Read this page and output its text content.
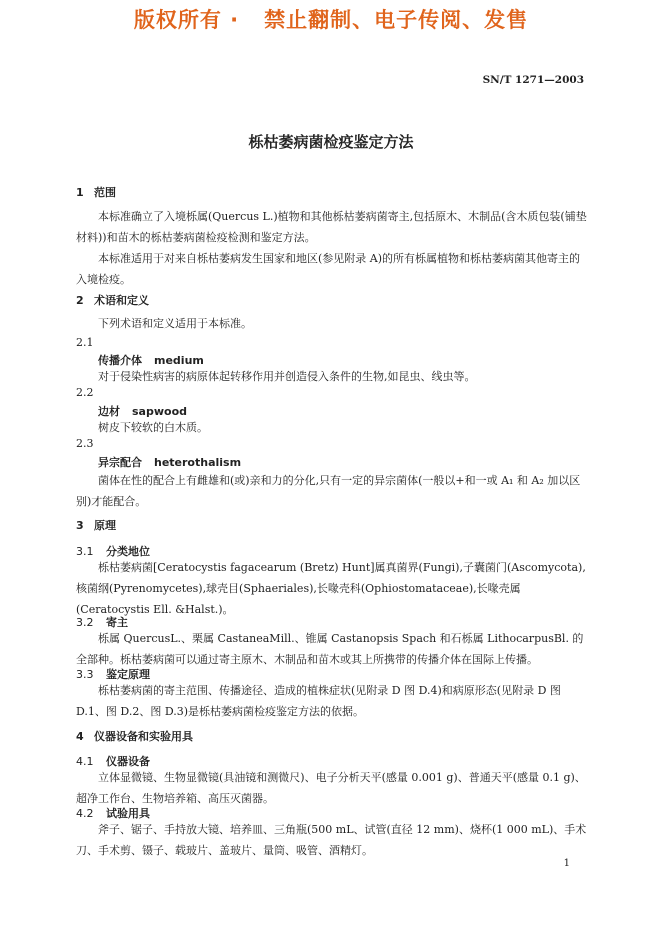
版权所有 ·   禁止翻制、电子传阅、发售
SN/T 1271—2003
栎枯萎病菌检疫鉴定方法
1 范围
本标准确立了入境栎属(Quercus L.)植物和其他栎枯萎病菌寄主,包括原木、木制品(含木质包装(铺垫材料))和苗木的栎枯萎病菌检疫检测和鉴定方法。
本标准适用于对来自栎枯萎病发生国家和地区(参见附录 A)的所有栎属植物和栎枯萎病菌其他寄主的入境检疫。
2 术语和定义
下列术语和定义适用于本标准。
2.1
传播介体 medium
对于侵染性病害的病原体起转移作用并创造侵入条件的生物,如昆虫、线虫等。
2.2
边材 sapwood
树皮下较软的白木质。
2.3
异宗配合 heterothalism
菌体在性的配合上有雌雄和(或)亲和力的分化,只有一定的异宗菌体(一般以+和一或 A₁ 和 A₂ 加以区别)才能配合。
3 原理
3.1 分类地位
栎枯萎病菌[Ceratocystis fagacearum (Bretz) Hunt]属真菌界(Fungi),子囊菌门(Ascomycota),核菌纲(Pyrenomycetes),球壳目(Sphaeriales),长喙壳科(Ophiostomataceae),长喙壳属(Ceratocystis Ell. &Halst.)。
3.2 寄主
栎属 QuercusL.、栗属 CastaneaMill.、锥属 Castanopsis Spach 和石栎属 LithocarpusBl. 的全部种。栎枯萎病菌可以通过寄主原木、木制品和苗木或其上所携带的传播介体在国际上传播。
3.3 鉴定原理
栎枯萎病菌的寄主范围、传播途径、造成的植株症状(见附录 D 图 D.4)和病原形态(见附录 D 图 D.1、图 D.2、图 D.3)是栎枯萎病菌检疫鉴定方法的依据。
4 仪器设备和实验用具
4.1 仪器设备
立体显微镜、生物显微镜(具油镜和测微尺)、电子分析天平(感量 0.001 g)、普通天平(感量 0.1 g)、超净工作台、生物培养箱、高压灭菌器。
4.2 试验用具
斧子、锯子、手持放大镜、培养皿、三角瓶(500 mL、试管(直径 12 mm)、烧杯(1 000 mL)、手术刀、手术剪、镊子、载玻片、盖玻片、量筒、吸管、酒精灯。
1
